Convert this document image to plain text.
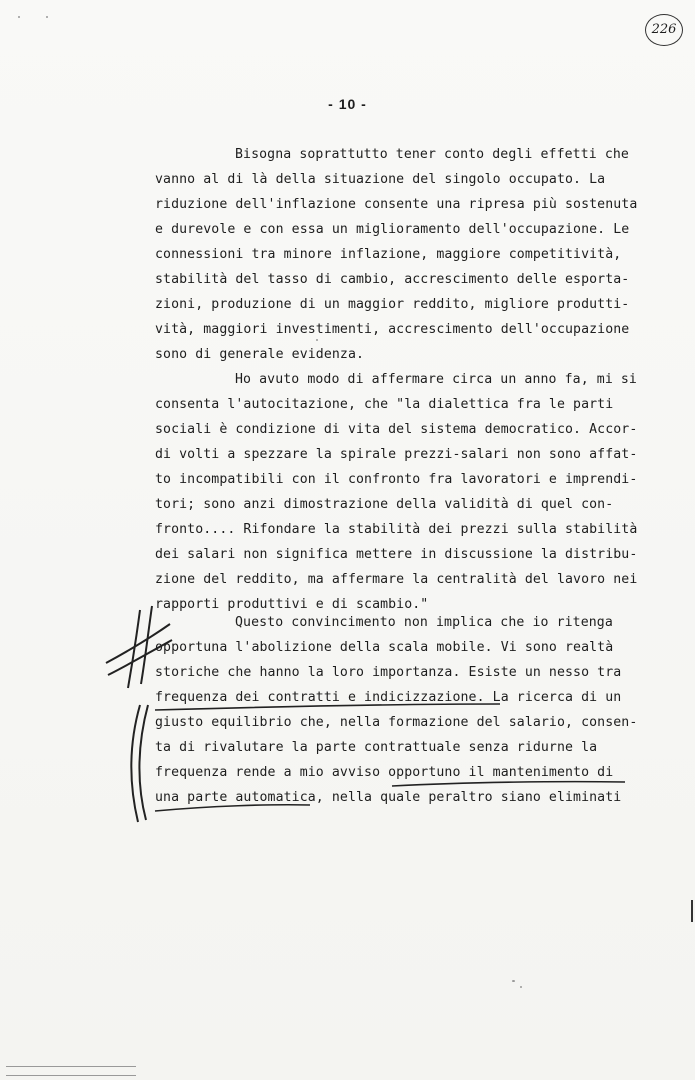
226
- 10 -
Bisogna soprattutto tener conto degli effetti che
vanno al di là della situazione del singolo occupato. La
riduzione dell'inflazione consente una ripresa più sostenuta
e durevole e con essa un miglioramento dell'occupazione. Le
connessioni tra minore inflazione, maggiore competitività,
stabilità del tasso di cambio, accrescimento delle esporta-
zioni, produzione di un maggior reddito, migliore produtti-
vità, maggiori investimenti, accrescimento dell'occupazione
sono di generale evidenza.
Ho avuto modo di affermare circa un anno fa, mi si
consenta l'autocitazione, che "la dialettica fra le parti
sociali è condizione di vita del sistema democratico. Accor-
di volti a spezzare la spirale prezzi-salari non sono affat-
to incompatibili con il confronto fra lavoratori e imprendi-
tori; sono anzi dimostrazione della validità di quel con-
fronto.... Rifondare la stabilità dei prezzi sulla stabilità
dei salari non significa mettere in discussione la distribu-
zione del reddito, ma affermare la centralità del lavoro nei
rapporti produttivi e di scambio."
Questo convincimento non implica che io ritenga
opportuna l'abolizione della scala mobile. Vi sono realtà
storiche che hanno la loro importanza. Esiste un nesso tra
frequenza dei contratti e indicizzazione. La ricerca di un
giusto equilibrio che, nella formazione del salario, consen-
ta di rivalutare la parte contrattuale senza ridurne la
frequenza rende a mio avviso opportuno il mantenimento di
una parte automatica, nella quale peraltro siano eliminati
